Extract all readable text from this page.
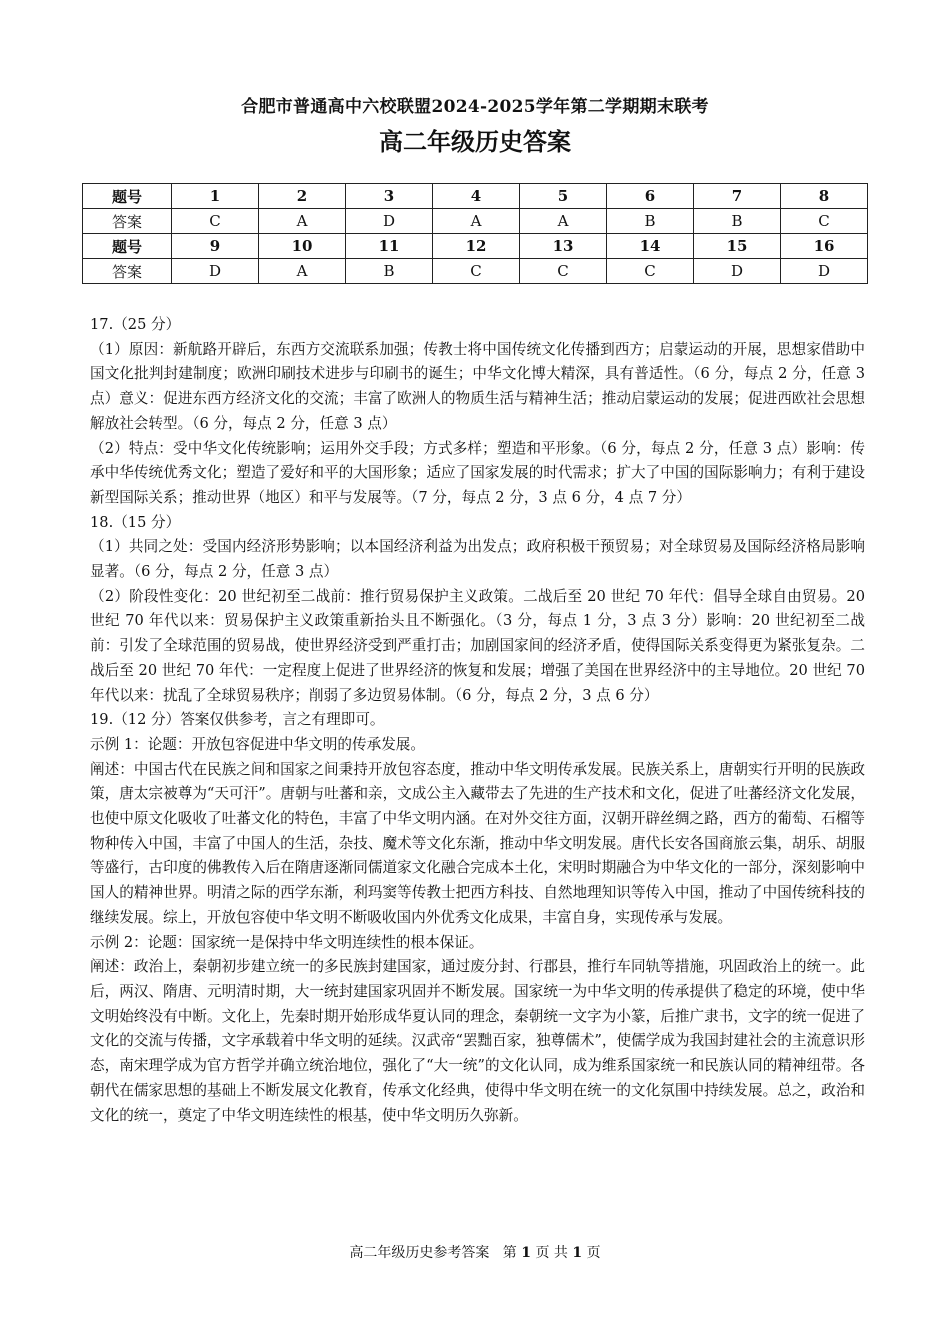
合肥市普通高中六校联盟2024-2025学年第二学期期末联考
高二年级历史答案
题号	1	2	3	4	5	6	7	8
答案	C	A	D	A	A	B	B	C
题号	9	10	11	12	13	14	15	16
答案	D	A	B	C	C	C	D	D

17.（25 分）

（1）原因：新航路开辟后，东西方交流联系加强；传教士将中国传统文化传播到西方；启蒙运动的开展，思想家借助中国文化批判封建制度；欧洲印刷技术进步与印刷书的诞生；中华文化博大精深，具有普适性。（6 分，每点 2 分，任意 3 点）意义：促进东西方经济文化的交流；丰富了欧洲人的物质生活与精神生活；推动启蒙运动的发展；促进西欧社会思想解放社会转型。（6 分，每点 2 分，任意 3 点）

（2）特点：受中华文化传统影响；运用外交手段；方式多样；塑造和平形象。（6 分，每点 2 分，任意 3 点）影响：传承中华传统优秀文化；塑造了爱好和平的大国形象；适应了国家发展的时代需求；扩大了中国的国际影响力；有利于建设新型国际关系；推动世界（地区）和平与发展等。（7 分，每点 2 分，3 点 6 分，4 点 7 分）

18.（15 分）

（1）共同之处：受国内经济形势影响；以本国经济利益为出发点；政府积极干预贸易；对全球贸易及国际经济格局影响显著。（6 分，每点 2 分，任意 3 点）

（2）阶段性变化：20 世纪初至二战前：推行贸易保护主义政策。二战后至 20 世纪 70 年代：倡导全球自由贸易。20 世纪 70 年代以来：贸易保护主义政策重新抬头且不断强化。（3 分，每点 1 分，3 点 3 分）影响：20 世纪初至二战前：引发了全球范围的贸易战，使世界经济受到严重打击；加剧国家间的经济矛盾，使得国际关系变得更为紧张复杂。二战后至 20 世纪 70 年代：一定程度上促进了世界经济的恢复和发展；增强了美国在世界经济中的主导地位。20 世纪 70 年代以来：扰乱了全球贸易秩序；削弱了多边贸易体制。（6 分，每点 2 分，3 点 6 分）

19.（12 分）答案仅供参考，言之有理即可。

示例 1：论题：开放包容促进中华文明的传承发展。

阐述：中国古代在民族之间和国家之间秉持开放包容态度，推动中华文明传承发展。民族关系上，唐朝实行开明的民族政策，唐太宗被尊为“天可汗”。唐朝与吐蕃和亲，文成公主入藏带去了先进的生产技术和文化，促进了吐蕃经济文化发展，也使中原文化吸收了吐蕃文化的特色，丰富了中华文明内涵。在对外交往方面，汉朝开辟丝绸之路，西方的葡萄、石榴等物种传入中国，丰富了中国人的生活，杂技、魔术等文化东渐，推动中华文明发展。唐代长安各国商旅云集，胡乐、胡服等盛行，古印度的佛教传入后在隋唐逐渐同儒道家文化融合完成本土化，宋明时期融合为中华文化的一部分，深刻影响中国人的精神世界。明清之际的西学东渐，利玛窦等传教士把西方科技、自然地理知识等传入中国，推动了中国传统科技的继续发展。综上，开放包容使中华文明不断吸收国内外优秀文化成果，丰富自身，实现传承与发展。

示例 2：论题：国家统一是保持中华文明连续性的根本保证。

阐述：政治上，秦朝初步建立统一的多民族封建国家，通过废分封、行郡县，推行车同轨等措施，巩固政治上的统一。此后，两汉、隋唐、元明清时期，大一统封建国家巩固并不断发展。国家统一为中华文明的传承提供了稳定的环境，使中华文明始终没有中断。文化上，先秦时期开始形成华夏认同的理念，秦朝统一文字为小篆，后推广隶书，文字的统一促进了文化的交流与传播，文字承载着中华文明的延续。汉武帝“罢黜百家，独尊儒术”，使儒学成为我国封建社会的主流意识形态，南宋理学成为官方哲学并确立统治地位，强化了“大一统”的文化认同，成为维系国家统一和民族认同的精神纽带。各朝代在儒家思想的基础上不断发展文化教育，传承文化经典，使得中华文明在统一的文化氛围中持续发展。总之，政治和文化的统一，奠定了中华文明连续性的根基，使中华文明历久弥新。

高二年级历史参考答案 第 1 页 共 1 页
